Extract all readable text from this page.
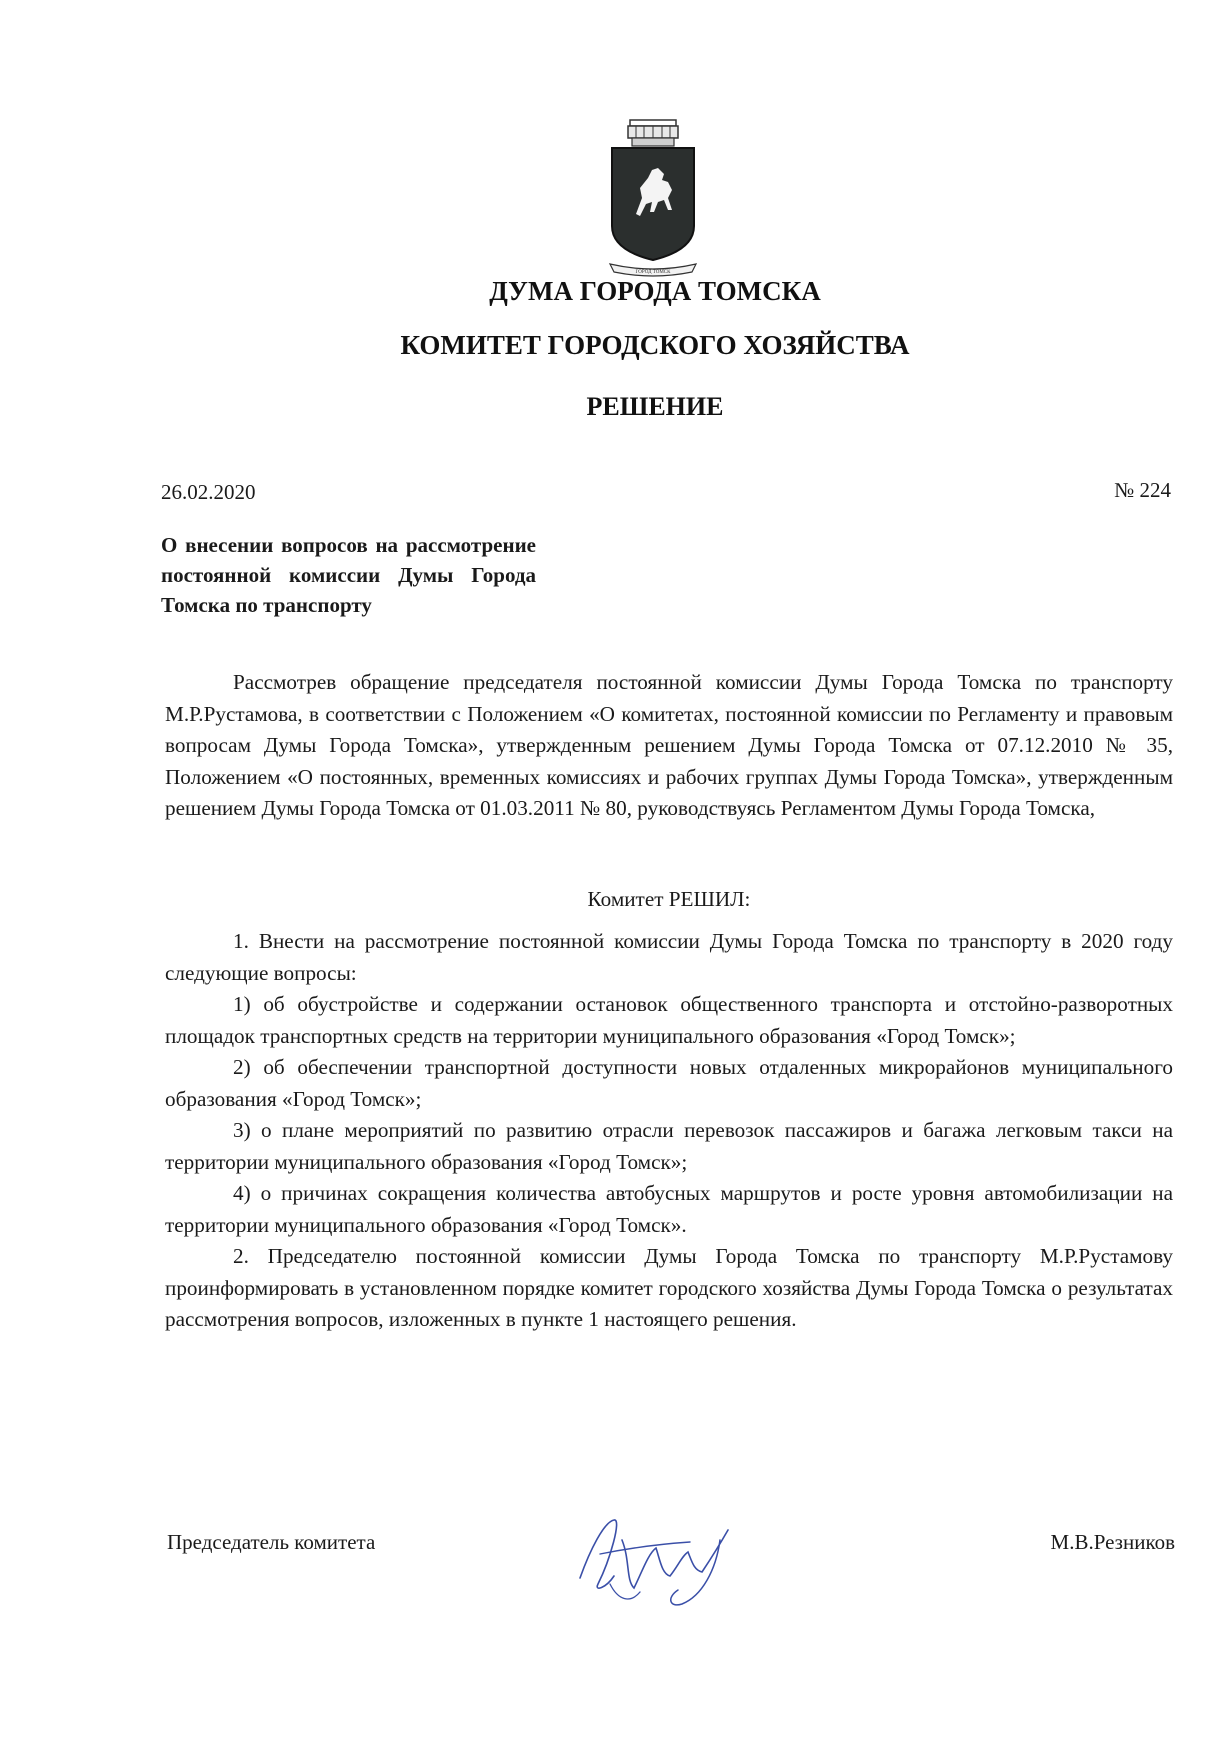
ГОРОД ТОМСК
ДУМА ГОРОДА ТОМСКА
КОМИТЕТ ГОРОДСКОГО ХОЗЯЙСТВА
РЕШЕНИЕ
26.02.2020	№ 224
О внесении вопросов на рассмотрение постоянной комиссии Думы Города Томска по транспорту

Рассмотрев обращение председателя постоянной комиссии Думы Города Томска по транспорту М.Р.Рустамова, в соответствии с Положением «О комитетах, постоянной комиссии по Регламенту и правовым вопросам Думы Города Томска», утвержденным решением Думы Города Томска от 07.12.2010 № 35, Положением «О постоянных, временных комиссиях и рабочих группах Думы Города Томска», утвержденным решением Думы Города Томска от 01.03.2011 № 80, руководствуясь Регламентом Думы Города Томска,

Комитет РЕШИЛ:

1. Внести на рассмотрение постоянной комиссии Думы Города Томска по транспорту в 2020 году следующие вопросы:

1) об обустройстве и содержании остановок общественного транспорта и отстойно-разворотных площадок транспортных средств на территории муниципального образования «Город Томск»;

2) об обеспечении транспортной доступности новых отдаленных микрорайонов муниципального образования «Город Томск»;

3) о плане мероприятий по развитию отрасли перевозок пассажиров и багажа легковым такси на территории муниципального образования «Город Томск»;

4) о причинах сокращения количества автобусных маршрутов и росте уровня автомобилизации на территории муниципального образования «Город Томск».

2. Председателю постоянной комиссии Думы Города Томска по транспорту М.Р.Рустамову проинформировать в установленном порядке комитет городского хозяйства Думы Города Томска о результатах рассмотрения вопросов, изложенных в пункте 1 настоящего решения.

Председатель комитета	М.В.Резников
